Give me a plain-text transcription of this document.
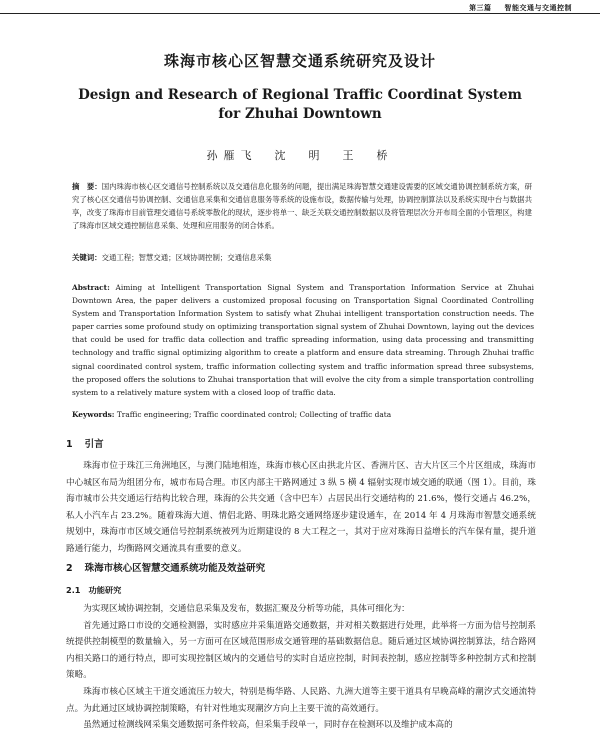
第三篇 智能交通与交通控制
珠海市核心区智慧交通系统研究及设计
Design and Research of Regional Traffic Coordinat System
for Zhuhai Downtown
孙雁飞　沈　明　王　桥
摘　要：国内珠海市核心区交通信号控制系统以及交通信息化服务的问题，提出满足珠海智慧交通建设需要的区域交通协调控制系统方案，研究了核心区交通信号协调控制、交通信息采集和交通信息服务等系统的设施布设，数据传输与处理，协调控制算法以及系统实现中台与数据共享，改变了珠海市目前管理交通信号系统零散化的现状，逐步将单一、缺乏关联交通控制数据以及将管理层次分开布局全面的小管理区，构建了珠海市区域交通控制信息采集、处理和应用服务的闭合体系。
关键词：交通工程；智慧交通；区域协调控制；交通信息采集
Abstract: Aiming at Intelligent Transportation Signal System and Transportation Information Service at Zhuhai Downtown Area, the paper delivers a customized proposal focusing on Transportation Signal Coordinated Controlling System and Transportation Information System to satisfy what Zhuhai intelligent transportation construction needs. The paper carries some profound study on optimizing transportation signal system of Zhuhai Downtown, laying out the devices that could be used for traffic data collection and traffic spreading information, using data processing and transmitting technology and traffic signal optimizing algorithm to create a platform and ensure data streaming. Through Zhuhai traffic signal coordinated control system, traffic information collecting system and traffic information spread three subsystems, the proposed offers the solutions to Zhuhai transportation that will evolve the city from a simple transportation controlling system to a relatively mature system with a closed loop of traffic data.
Keywords: Traffic engineering; Traffic coordinated control; Collecting of traffic data
1 引言
珠海市位于珠江三角洲地区，与澳门陆地相连，珠海市核心区由拱北片区、香洲片区、吉大片区三个片区组成，珠海市中心城区布局为组团分布，城市布局合理。市区内部主干路网通过 3 纵 5 横 4 辐射实现市域交通的联通（图 1）。目前，珠海市城市公共交通运行结构比较合理，珠海的公共交通（含中巴车）占居民出行交通结构的 21.6%，慢行交通占 46.2%，私人小汽车占 23.2%。随着珠海大道、情侣北路、明珠北路交通网络逐步建设通车，在 2014 年 4 月珠海市智慧交通系统规划中，珠海市市区域交通信号控制系统被列为近期建设的 8 大工程之一，其对于应对珠海日益增长的汽车保有量，提升道路通行能力，均衡路网交通流具有重要的意义。
2 珠海市核心区智慧交通系统功能及效益研究
2.1 功能研究
为实现区域协调控制，交通信息采集及发布，数据汇聚及分析等功能，具体可细化为：
首先通过路口市设的交通检测器，实时感应并采集道路交通数据，并对相关数据进行处理，此举将一方面为信号控制系统提供控制模型的数量输入，另一方面可在区域范围形成交通管理的基础数据信息。随后通过区域协调控制算法，结合路网内相关路口的通行特点，即可实现控制区域内的交通信号的实时自适应控制，时间表控制，感应控制等多种控制方式和控制策略。
珠海市核心区域主干道交通流压力较大，特别是梅华路、人民路、九洲大道等主要干道具有早晚高峰的潮汐式交通流特点。为此通过区域协调控制策略，有针对性地实现潮汐方向上主要干流的高效通行。
虽然通过检测线网采集交通数据可条件较高，但采集手段单一，同时存在检测环以及维护成本高的
